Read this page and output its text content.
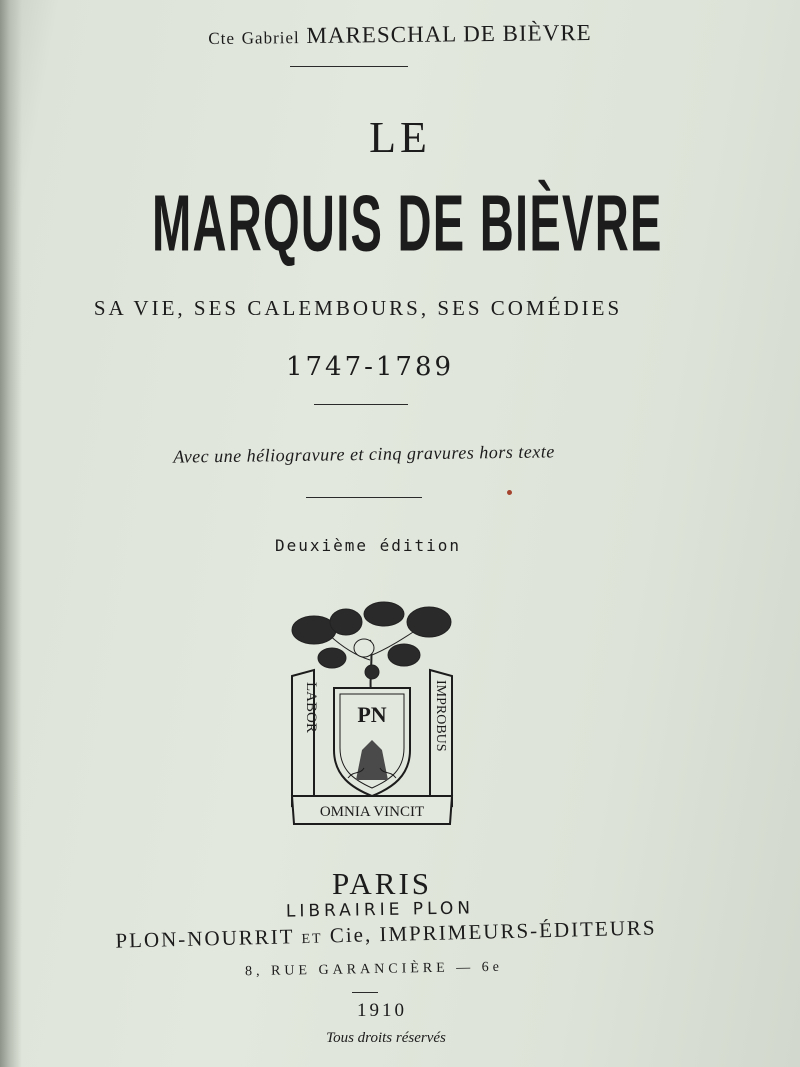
Cte Gabriel MARESCHAL DE BIÈVRE
LE
MARQUIS DE BIÈVRE
SA VIE, SES CALEMBOURS, SES COMÉDIES
1747-1789
Avec une héliogravure et cinq gravures hors texte
Deuxième édition
PN
LABOR	IMPROBUS
OMNIA VINCIT
PARIS
LIBRAIRIE PLON
PLON-NOURRIT ET Cie, IMPRIMEURS-ÉDITEURS
8, RUE GARANCIÈRE — 6e
1910
Tous droits réservés
